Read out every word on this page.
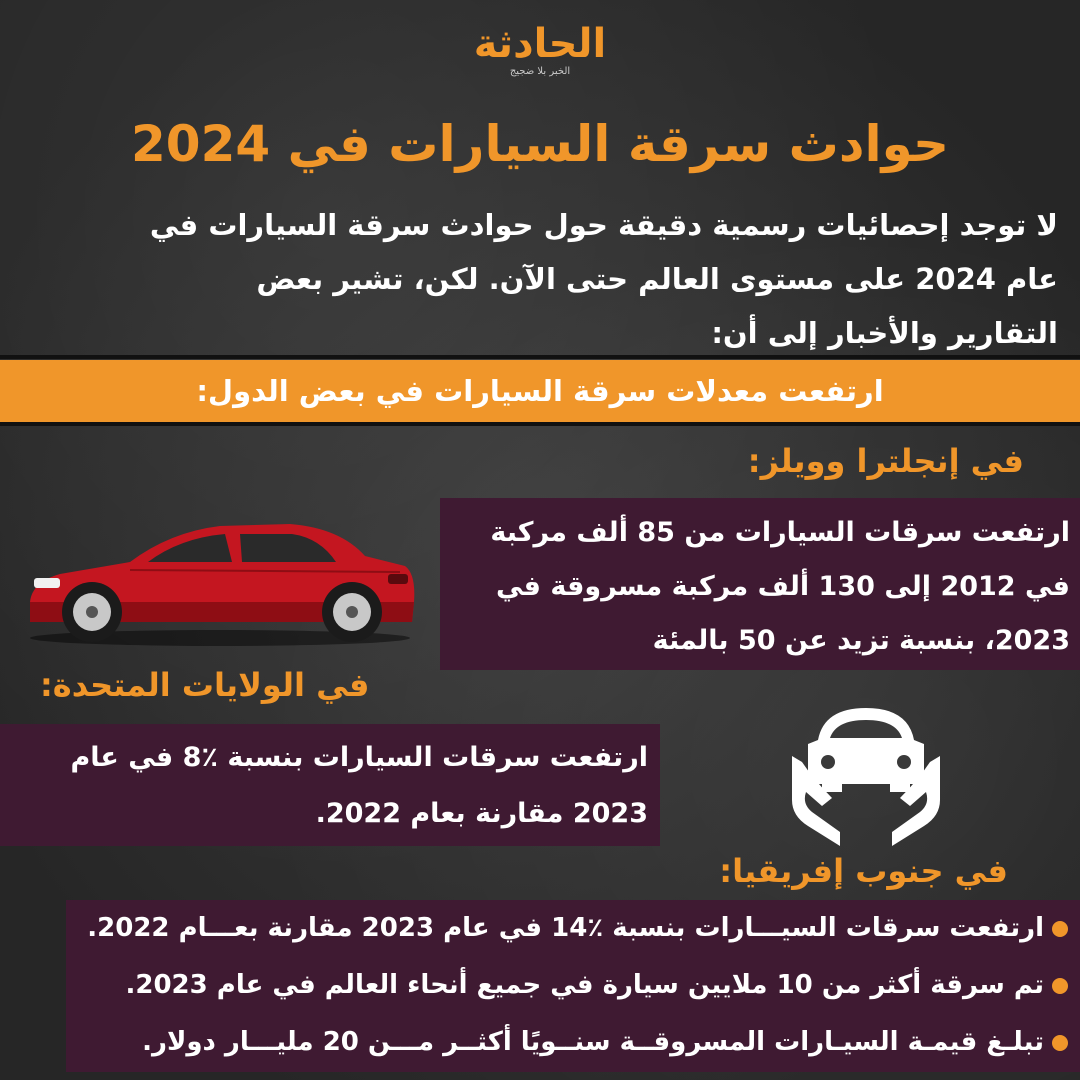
الحادثة
الخبر بلا ضجيج
حوادث سرقة السيارات في 2024
لا توجد إحصائيات رسمية دقيقة حول حوادث سرقة السيارات في عام 2024 على مستوى العالم حتى الآن. لكن، تشير بعض التقارير والأخبار إلى أن:
ارتفعت معدلات سرقة السيارات في بعض الدول:
في إنجلترا وويلز:

ارتفعت سرقات السيارات من 85 ألف مركبة في 2012 إلى 130 ألف مركبة مسروقة في 2023، بنسبة تزيد عن 50 بالمئة

في الولايات المتحدة:

ارتفعت سرقات السيارات بنسبة ٪8 في عام 2023 مقارنة بعام 2022.

في جنوب إفريقيا:
ارتفعت سرقات السيـــارات بنسبة ٪14 في عام 2023 مقارنة بعـــام 2022.
تم سرقة أكثر من 10 ملايين سيارة في جميع أنحاء العالم في عام 2023.
تبلـغ قيمـة السيـارات المسروقــة سنــويًا أكثــر مـــن 20 مليـــار دولار.
